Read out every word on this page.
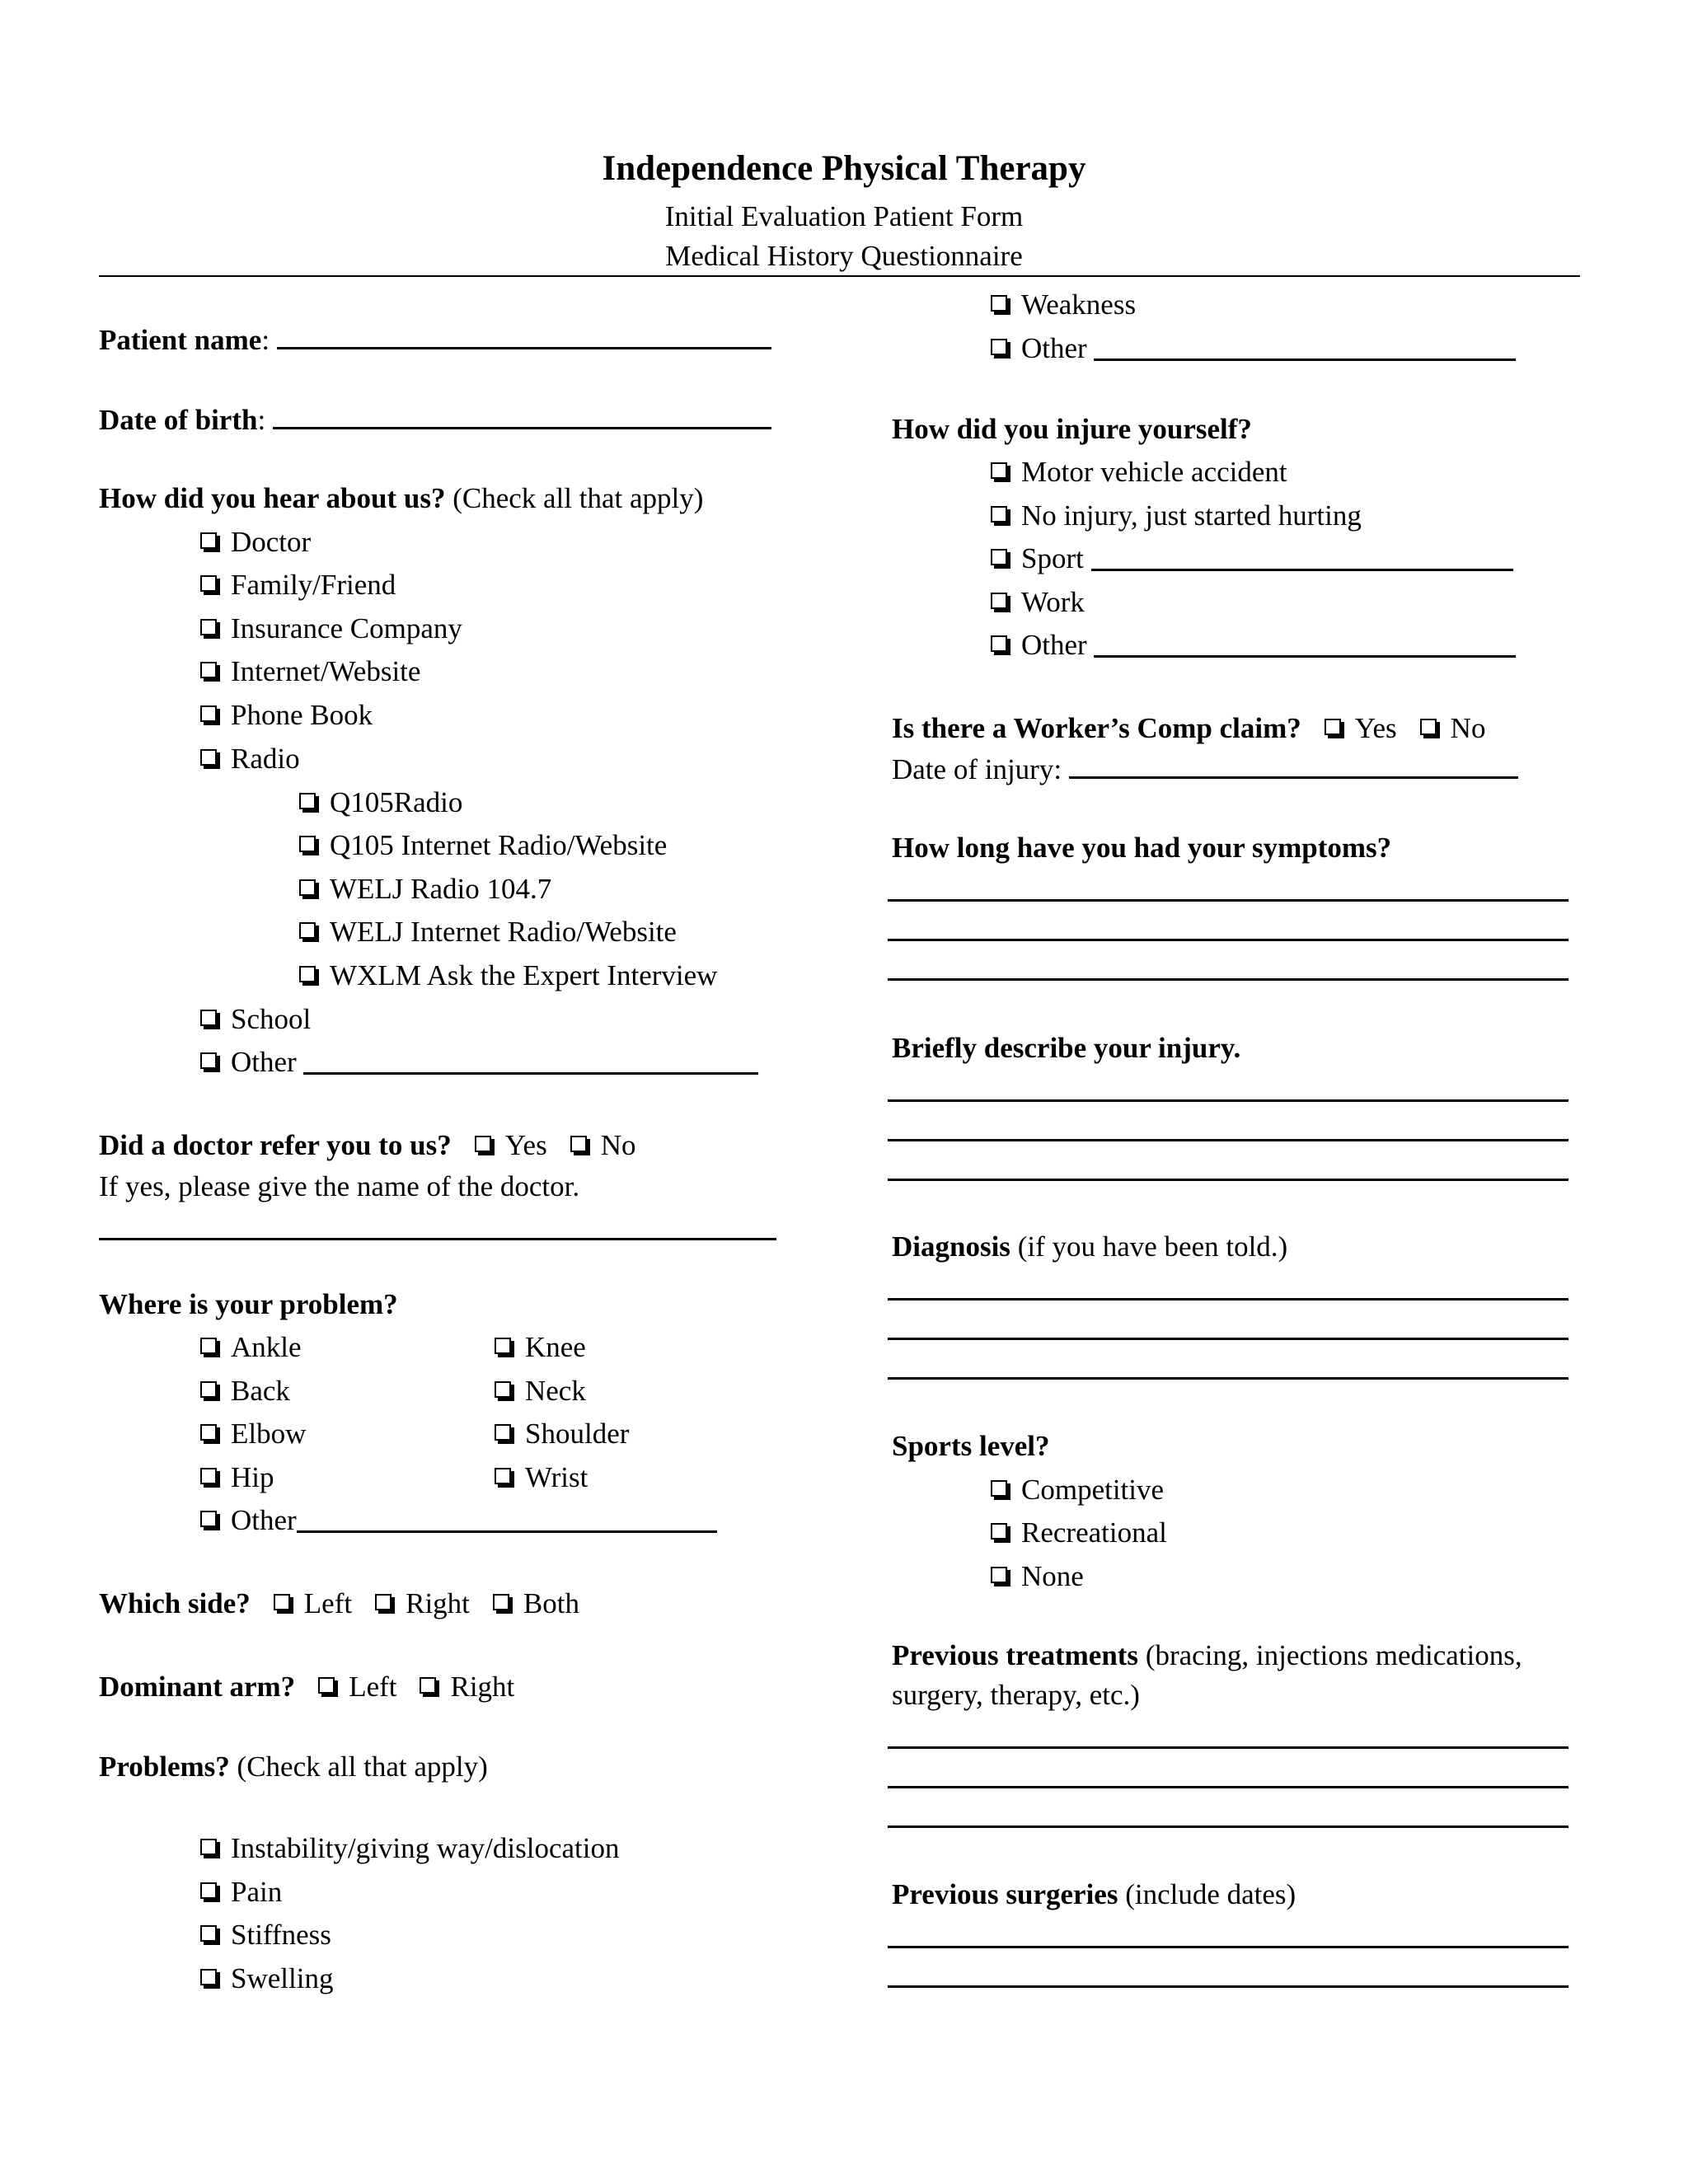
Independence Physical Therapy
Initial Evaluation Patient Form
Medical History Questionnaire
Patient name:
Date of birth:
How did you hear about us? (Check all that apply)
Doctor
Family/Friend
Insurance Company
Internet/Website
Phone Book
Radio
Q105Radio
Q105 Internet Radio/Website
WELJ Radio 104.7
WELJ Internet Radio/Website
WXLM Ask the Expert Interview
School
Other

Did a doctor refer you to us? Yes No
If yes, please give the name of the doctor.
Where is your problem?
Ankle
Back
Elbow
Hip
Knee
Neck
Shoulder
Wrist
Other
Which side? Left Right Both
Dominant arm? Left Right
Problems? (Check all that apply)
Instability/giving way/dislocation
Pain
Stiffness
Swelling
Weakness
Other

How did you injure yourself?
Motor vehicle accident
No injury, just started hurting
Sport

Work
Other

Is there a Worker’s Comp claim? Yes No
Date of injury:
How long have you had your symptoms?
Briefly describe your injury.
Diagnosis (if you have been told.)
Sports level?
Competitive
Recreational
None
Previous treatments (bracing, injections medications,
surgery, therapy, etc.)
Previous surgeries (include dates)
